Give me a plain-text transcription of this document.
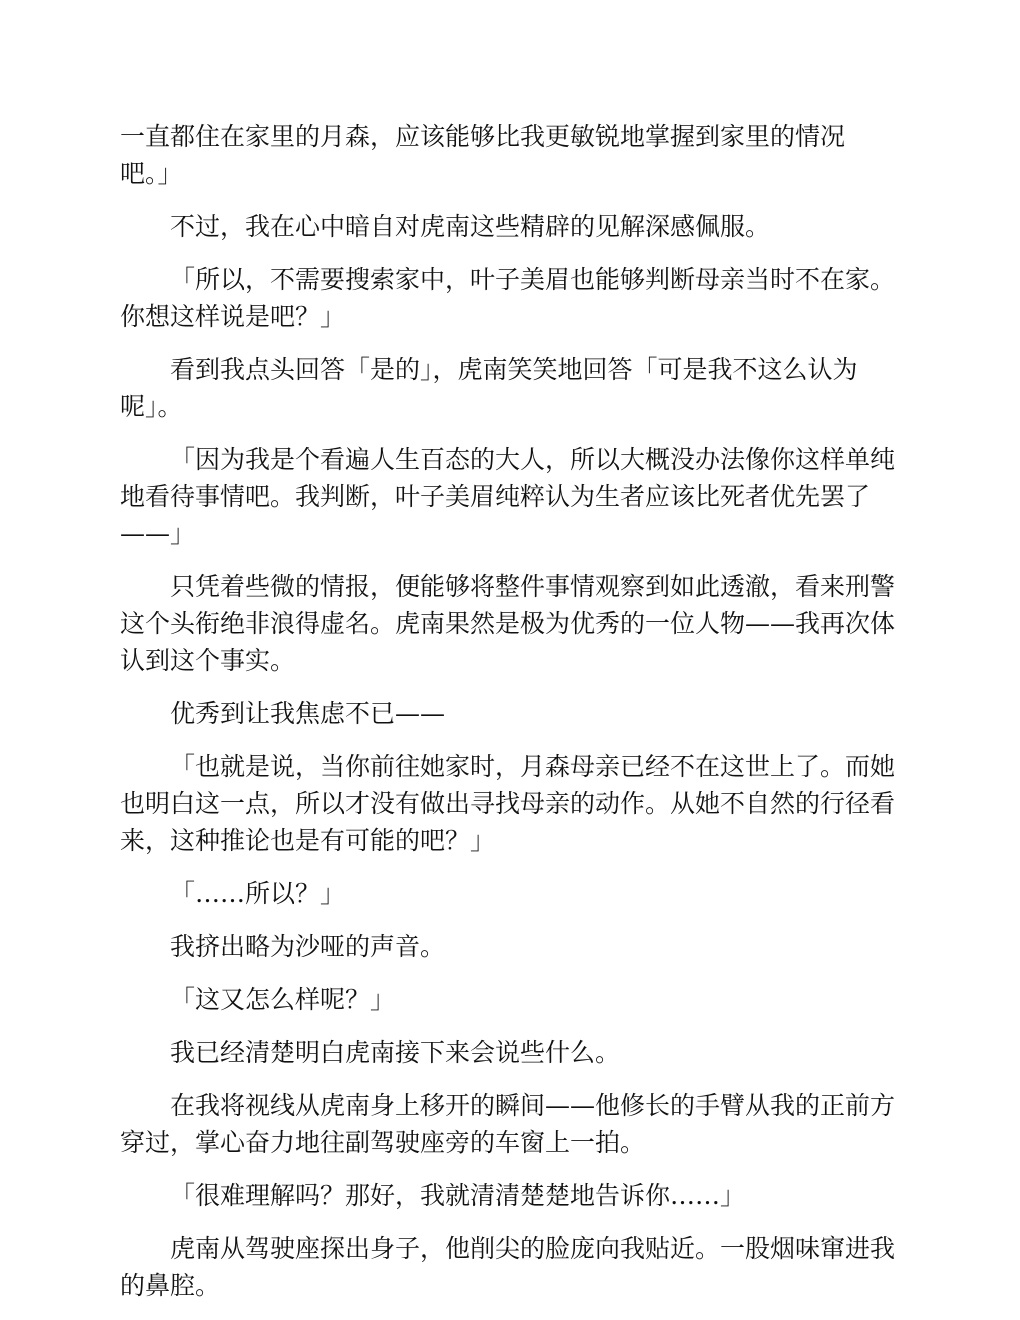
一直都住在家里的月森，应该能够比我更敏锐地掌握到家里的情况
吧。」
不过，我在心中暗自对虎南这些精辟的见解深感佩服。
「所以，不需要搜索家中，叶子美眉也能够判断母亲当时不在家。
你想这样说是吧？」
看到我点头回答「是的」，虎南笑笑地回答「可是我不这么认为
呢」。
「因为我是个看遍人生百态的大人，所以大概没办法像你这样单纯
地看待事情吧。我判断，叶子美眉纯粹认为生者应该比死者优先罢了
——」
只凭着些微的情报，便能够将整件事情观察到如此透澈，看来刑警
这个头衔绝非浪得虚名。虎南果然是极为优秀的一位人物——我再次体
认到这个事实。
优秀到让我焦虑不已——
「也就是说，当你前往她家时，月森母亲已经不在这世上了。而她
也明白这一点，所以才没有做出寻找母亲的动作。从她不自然的行径看
来，这种推论也是有可能的吧？」
「……所以？」
我挤出略为沙哑的声音。
「这又怎么样呢？」
我已经清楚明白虎南接下来会说些什么。
在我将视线从虎南身上移开的瞬间——他修长的手臂从我的正前方
穿过，掌心奋力地往副驾驶座旁的车窗上一拍。
「很难理解吗？那好，我就清清楚楚地告诉你……」
虎南从驾驶座探出身子，他削尖的脸庞向我贴近。一股烟味窜进我
的鼻腔。
